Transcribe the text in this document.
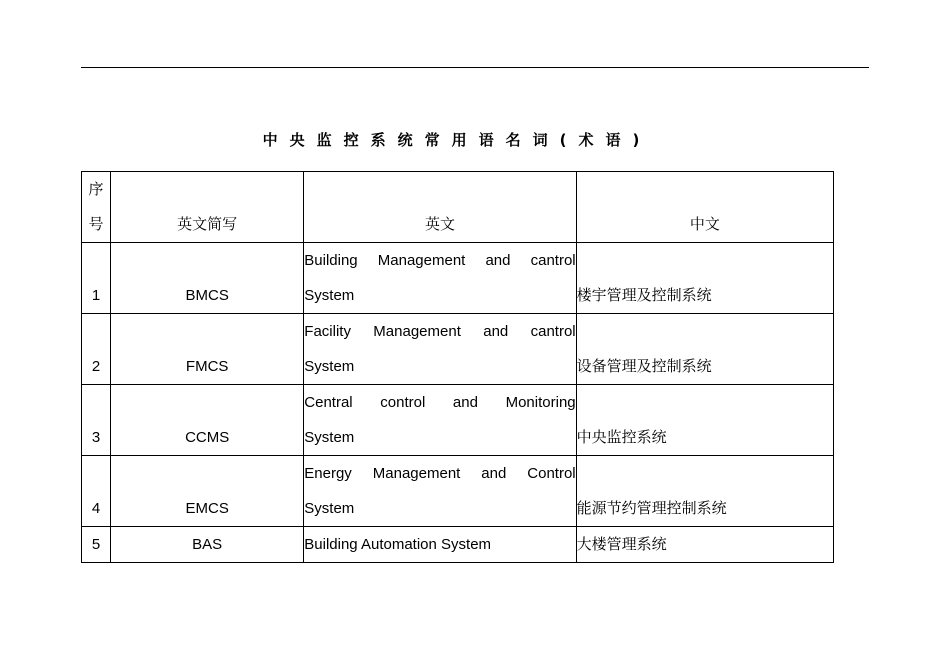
中央监控系统常用语名词(术语)
序
号	英文简写	英文	中文
1	BMCS	Building Management and cantrol
System	楼宇管理及控制系统
2	FMCS	Facility Management and cantrol
System	设备管理及控制系统
3	CCMS	Central control and Monitoring
System	中央监控系统
4	EMCS	Energy Management and Control
System	能源节约管理控制系统
5	BAS	Building Automation System	大楼管理系统
